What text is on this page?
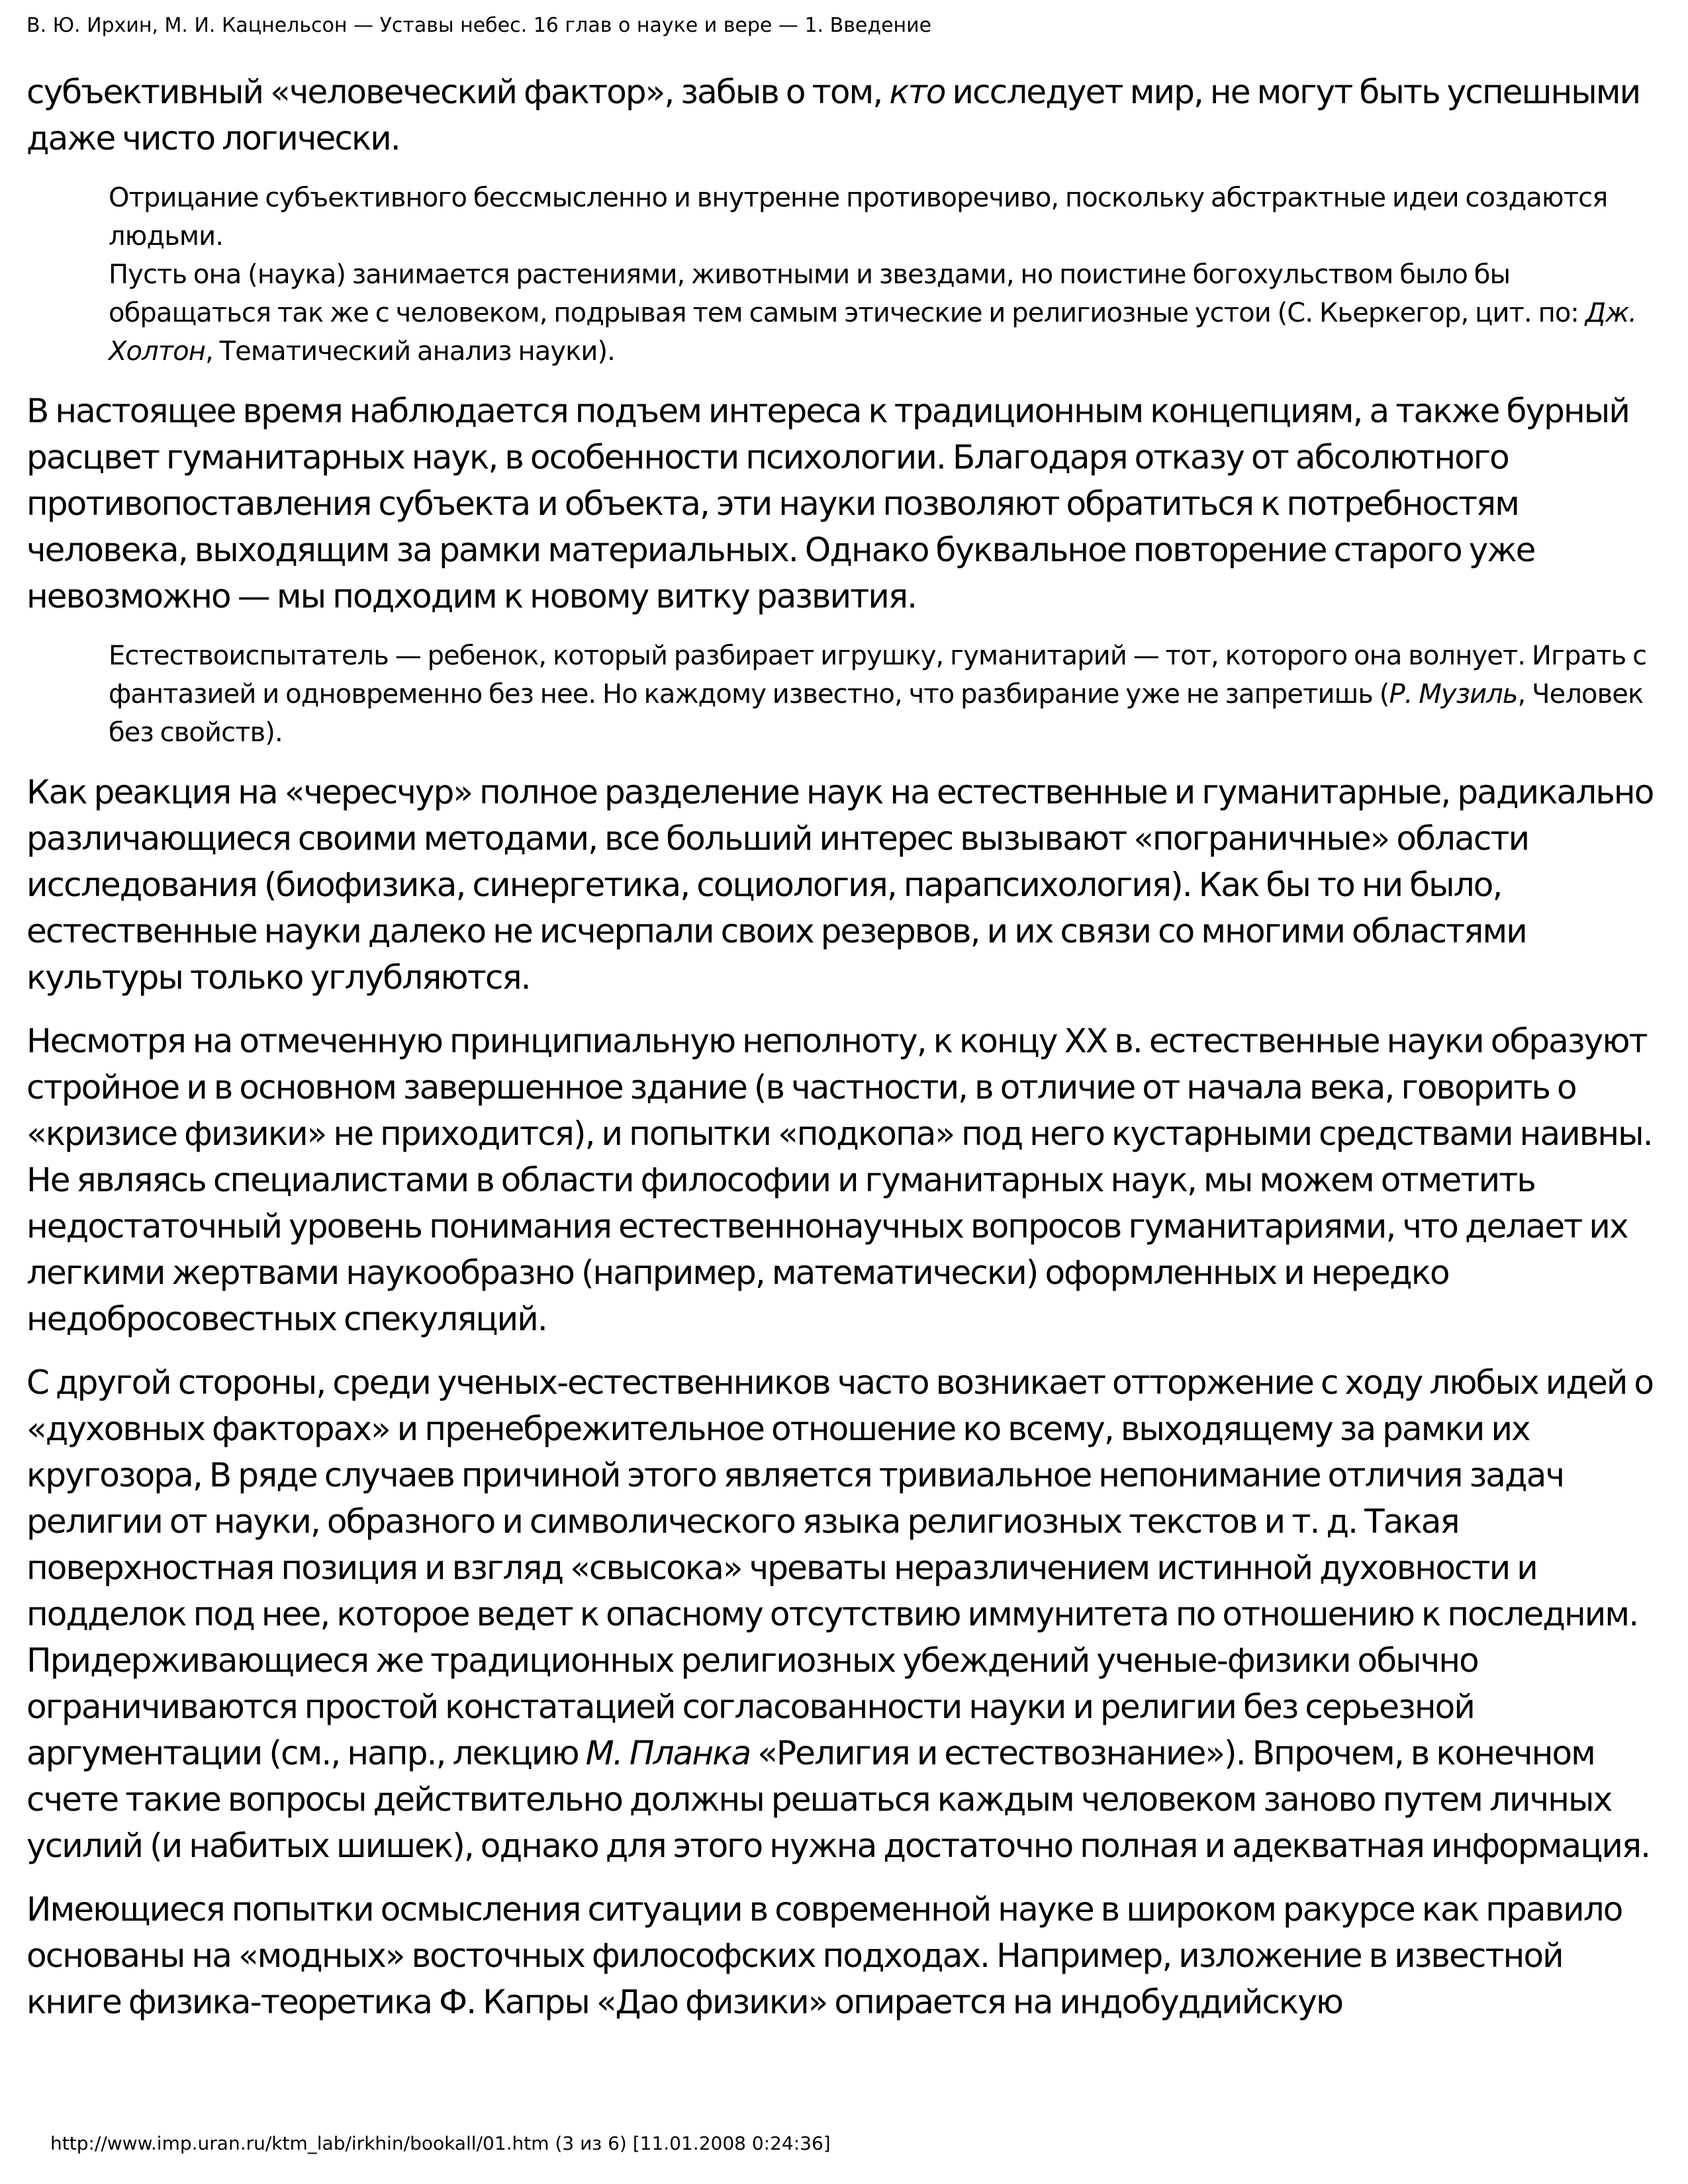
В. Ю. Ирхин, М. И. Кацнельсон — Уставы небес. 16 глав о науке и вере — 1. Введение

субъективный «человеческий фактор», забыв о том, кто исследует мир, не могут быть успешными даже чисто логически.

Отрицание субъективного бессмысленно и внутренне противоречиво, поскольку абстрактные идеи создаются людьми.

Пусть она (наука) занимается растениями, животными и звездами, но поистине богохульством было бы обращаться так же с человеком, подрывая тем самым этические и религиозные устои (С. Кьеркегор, цит. по: Дж. Холтон, Тематический анализ науки).

В настоящее время наблюдается подъем интереса к традиционным концепциям, а также бурный расцвет гуманитарных наук, в особенности психологии. Благодаря отказу от абсолютного противопоставления субъекта и объекта, эти науки позволяют обратиться к потребностям человека, выходящим за рамки материальных. Однако буквальное повторение старого уже невозможно — мы подходим к новому витку развития.

Естествоиспытатель — ребенок, который разбирает игрушку, гуманитарий — тот, которого она волнует. Играть с фантазией и одновременно без нее. Но каждому известно, что разбирание уже не запретишь (Р. Музиль, Человек без свойств).

Как реакция на «чересчур» полное разделение наук на естественные и гуманитарные, радикально различающиеся своими методами, все больший интерес вызывают «пограничные» области исследования (биофизика, синергетика, социология, парапсихология). Как бы то ни было, естественные науки далеко не исчерпали своих резервов, и их связи со многими областями культуры только углубляются.

Несмотря на отмеченную принципиальную неполноту, к концу XX в. естественные науки образуют стройное и в основном завершенное здание (в частности, в отличие от начала века, говорить о «кризисе физики» не приходится), и попытки «подкопа» под него кустарными средствами наивны. Не являясь специалистами в области философии и гуманитарных наук, мы можем отметить недостаточный уровень понимания естественнонаучных вопросов гуманитариями, что делает их легкими жертвами наукообразно (например, математически) оформленных и нередко недобросовестных спекуляций.

С другой стороны, среди ученых-естественников часто возникает отторжение с ходу любых идей о «духовных факторах» и пренебрежительное отношение ко всему, выходящему за рамки их кругозора, В ряде случаев причиной этого является тривиальное непонимание отличия задач религии от науки, образного и символического языка религиозных текстов и т. д. Такая поверхностная позиция и взгляд «свысока» чреваты неразличением истинной духовности и подделок под нее, которое ведет к опасному отсутствию иммунитета по отношению к последним. Придерживающиеся же традиционных религиозных убеждений ученые-физики обычно ограничиваются простой констатацией согласованности науки и религии без серьезной аргументации (см., напр., лекцию М. Планка «Религия и естествознание»). Впрочем, в конечном счете такие вопросы действительно должны решаться каждым человеком заново путем личных усилий (и набитых шишек), однако для этого нужна достаточно полная и адекватная информация.

Имеющиеся попытки осмысления ситуации в современной науке в широком ракурсе как правило основаны на «модных» восточных философских подходах. Например, изложение в известной книге физика-теоретика Ф. Капры «Дао физики» опирается на индобуддийскую

http://www.imp.uran.ru/ktm_lab/irkhin/bookall/01.htm (3 из 6) [11.01.2008 0:24:36]
